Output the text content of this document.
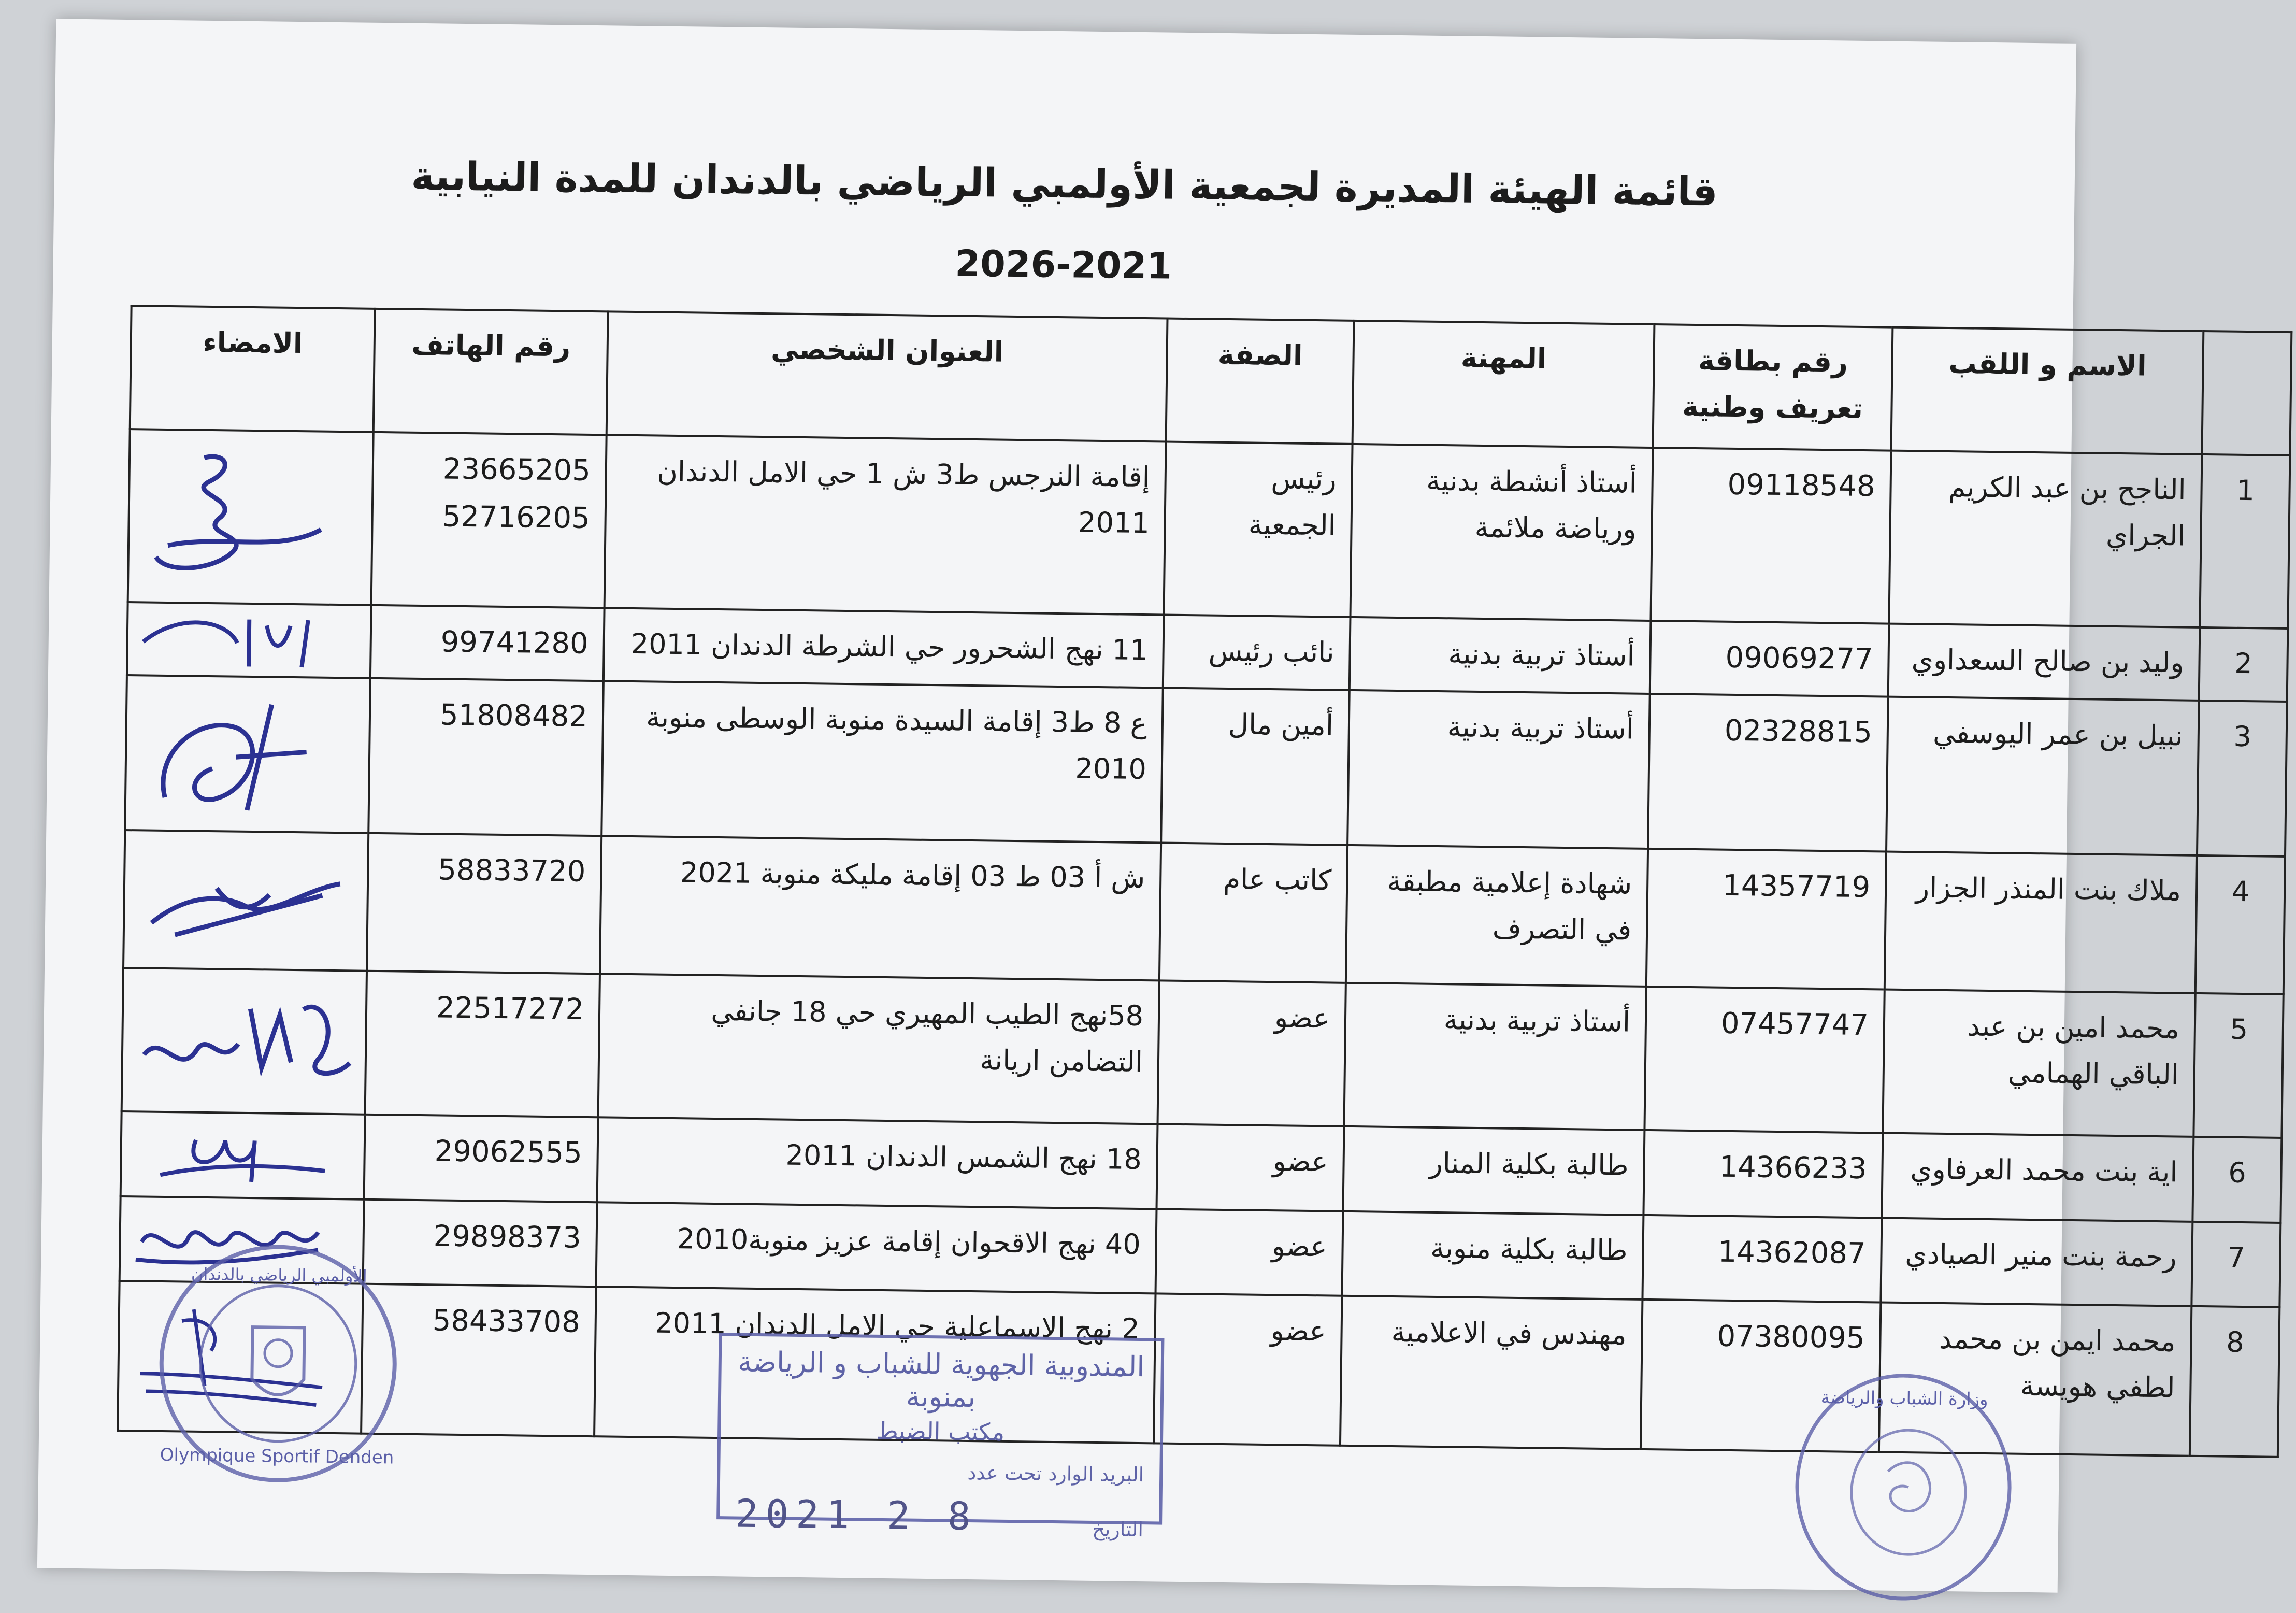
قائمة الهيئة المديرة لجمعية الأولمبي الرياضي بالدندان للمدة النيابية
2026-2021
	الاسم و اللقب	رقم بطاقة تعريف وطنية	المهنة	الصفة	العنوان الشخصي	رقم الهاتف	الامضاء
1	الناجح بن عبد الكريم الجراي	09118548	أستاذ أنشطة بدنية ورياضة ملائمة	رئيس الجمعية	إقامة النرجس ط3 ش 1 حي الامل الدندان 2011	23665205
52716205

2	وليد بن صالح السعداوي	09069277	أستاذ تربية بدنية	نائب رئيس	11 نهج الشحرور حي الشرطة الدندان 2011	99741280

3	نبيل بن عمر اليوسفي	02328815	أستاذ تربية بدنية	أمين مال	ع 8 ط3 إقامة السيدة منوبة الوسطى منوبة 2010	51808482

4	ملاك بنت المنذر الجزار	14357719	شهادة إعلامية مطبقة في التصرف	كاتب عام	ش أ 03 ط 03 إقامة مليكة منوبة 2021	58833720

5	محمد امين بن عبد الباقي الهمامي	07457747	أستاذ تربية بدنية	عضو	58نهج الطيب المهيري حي 18 جانفي التضامن اريانة	22517272

6	اية بنت محمد العرفاوي	14366233	طالبة بكلية المنار	عضو	18 نهج الشمس الدندان 2011	29062555

7	رحمة بنت منير الصيادي	14362087	طالبة بكلية منوبة	عضو	40 نهج الاقحوان إقامة عزيز منوبة2010	29898373

8	محمد ايمن بن محمد لطفي هويسة	07380095	مهندس في الاعلامية	عضو	2 نهج الاسماعلية حي الامل الدندان 2011	58433708

Olympique Sportif Denden
الأولمبي الرياضي بالدندان
المندوبية الجهوية للشباب و الرياضة بمنوبة
مكتب الضبط
البريد الوارد تحت عدد
التاريخ
2021 2 8
وزارة الشباب والرياضة
